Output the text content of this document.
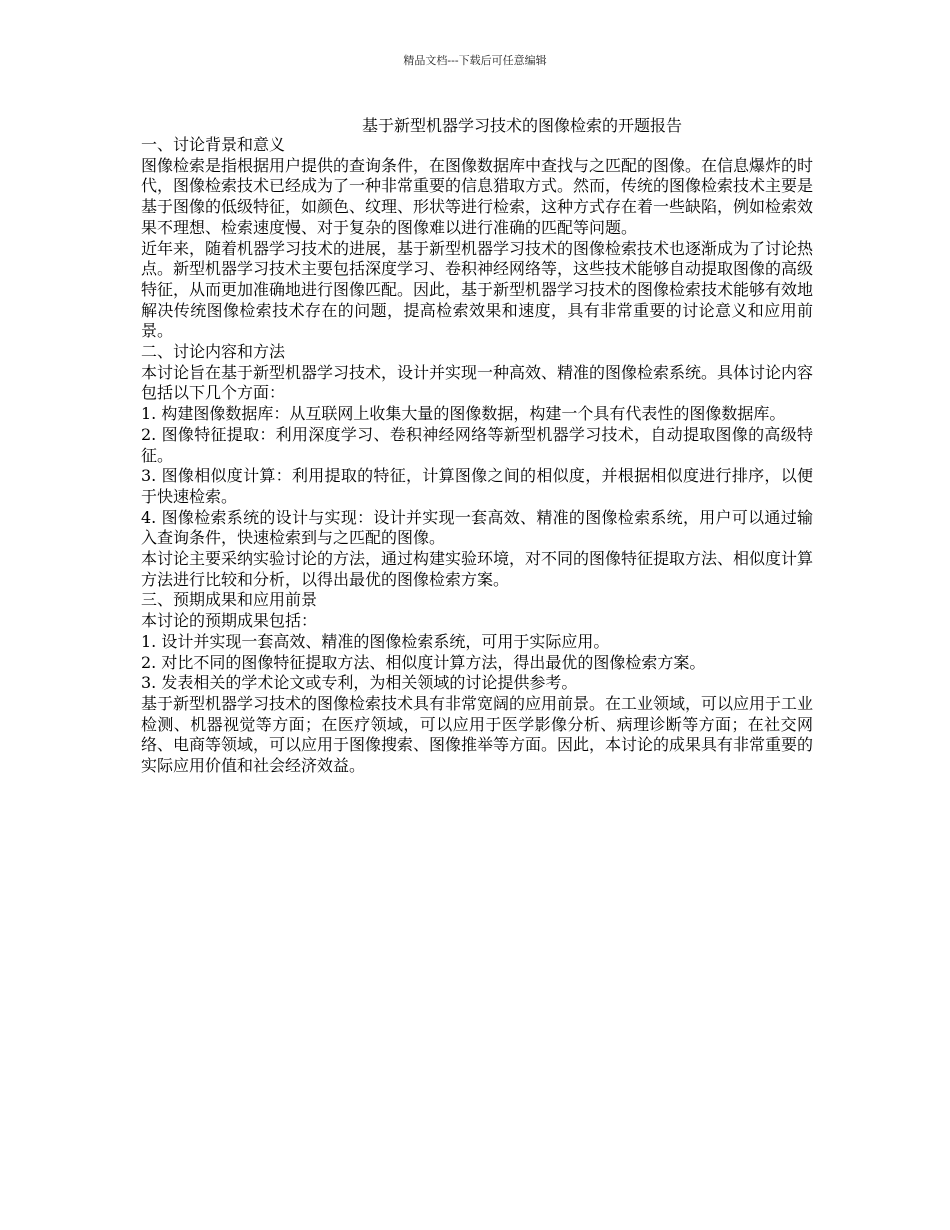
精品文档---下载后可任意编辑
基于新型机器学习技术的图像检索的开题报告

一、讨论背景和意义

图像检索是指根据用户提供的查询条件，在图像数据库中查找与之匹配的图像。在信息爆炸的时代，图像检索技术已经成为了一种非常重要的信息猎取方式。然而，传统的图像检索技术主要是基于图像的低级特征，如颜色、纹理、形状等进行检索，这种方式存在着一些缺陷，例如检索效果不理想、检索速度慢、对于复杂的图像难以进行准确的匹配等问题。

近年来，随着机器学习技术的进展，基于新型机器学习技术的图像检索技术也逐渐成为了讨论热点。新型机器学习技术主要包括深度学习、卷积神经网络等，这些技术能够自动提取图像的高级特征，从而更加准确地进行图像匹配。因此，基于新型机器学习技术的图像检索技术能够有效地解决传统图像检索技术存在的问题，提高检索效果和速度，具有非常重要的讨论意义和应用前景。

二、讨论内容和方法

本讨论旨在基于新型机器学习技术，设计并实现一种高效、精准的图像检索系统。具体讨论内容包括以下几个方面：

1. 构建图像数据库：从互联网上收集大量的图像数据，构建一个具有代表性的图像数据库。

2. 图像特征提取：利用深度学习、卷积神经网络等新型机器学习技术，自动提取图像的高级特征。

3. 图像相似度计算：利用提取的特征，计算图像之间的相似度，并根据相似度进行排序，以便于快速检索。

4. 图像检索系统的设计与实现：设计并实现一套高效、精准的图像检索系统，用户可以通过输入查询条件，快速检索到与之匹配的图像。

本讨论主要采纳实验讨论的方法，通过构建实验环境，对不同的图像特征提取方法、相似度计算方法进行比较和分析，以得出最优的图像检索方案。

三、预期成果和应用前景

本讨论的预期成果包括：

1. 设计并实现一套高效、精准的图像检索系统，可用于实际应用。

2. 对比不同的图像特征提取方法、相似度计算方法，得出最优的图像检索方案。

3. 发表相关的学术论文或专利，为相关领域的讨论提供参考。

基于新型机器学习技术的图像检索技术具有非常宽阔的应用前景。在工业领域，可以应用于工业检测、机器视觉等方面；在医疗领域，可以应用于医学影像分析、病理诊断等方面；在社交网络、电商等领域，可以应用于图像搜索、图像推举等方面。因此，本讨论的成果具有非常重要的实际应用价值和社会经济效益。
